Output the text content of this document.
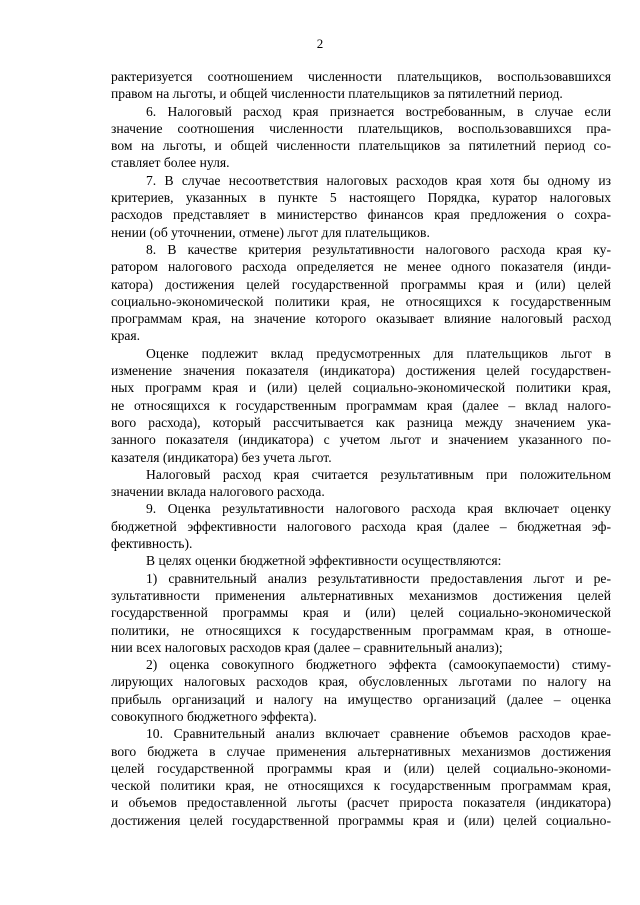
2
рактеризуется соотношением численности плательщиков, воспользовавшихся
правом на льготы, и общей численности плательщиков за пятилетний период.
6. Налоговый расход края признается востребованным, в случае если
значение соотношения численности плательщиков, воспользовавшихся пра-
вом на льготы, и общей численности плательщиков за пятилетний период со-
ставляет более нуля.
7. В случае несоответствия налоговых расходов края хотя бы одному из
критериев, указанных в пункте 5 настоящего Порядка, куратор налоговых
расходов представляет в министерство финансов края предложения о сохра-
нении (об уточнении, отмене) льгот для плательщиков.
8. В качестве критерия результативности налогового расхода края ку-
ратором налогового расхода определяется не менее одного показателя (инди-
катора) достижения целей государственной программы края и (или) целей
социально-экономической политики края, не относящихся к государственным
программам края, на значение которого оказывает влияние налоговый расход
края.
Оценке подлежит вклад предусмотренных для плательщиков льгот в
изменение значения показателя (индикатора) достижения целей государствен-
ных программ края и (или) целей социально-экономической политики края,
не относящихся к государственным программам края (далее – вклад налого-
вого расхода), который рассчитывается как разница между значением ука-
занного показателя (индикатора) с учетом льгот и значением указанного по-
казателя (индикатора) без учета льгот.
Налоговый расход края считается результативным при положительном
значении вклада налогового расхода.
9. Оценка результативности налогового расхода края включает оценку
бюджетной эффективности налогового расхода края (далее – бюджетная эф-
фективность).
В целях оценки бюджетной эффективности осуществляются:
1) сравнительный анализ результативности предоставления льгот и ре-
зультативности применения альтернативных механизмов достижения целей
государственной программы края и (или) целей социально-экономической
политики, не относящихся к государственным программам края, в отноше-
нии всех налоговых расходов края (далее – сравнительный анализ);
2) оценка совокупного бюджетного эффекта (самоокупаемости) стиму-
лирующих налоговых расходов края, обусловленных льготами по налогу на
прибыль организаций и налогу на имущество организаций (далее – оценка
совокупного бюджетного эффекта).
10. Сравнительный анализ включает сравнение объемов расходов краe-
вого бюджета в случае применения альтернативных механизмов достижения
целей государственной программы края и (или) целей социально-экономи-
ческой политики края, не относящихся к государственным программам края,
и объемов предоставленной льготы (расчет прироста показателя (индикатора)
достижения целей государственной программы края и (или) целей социально-
